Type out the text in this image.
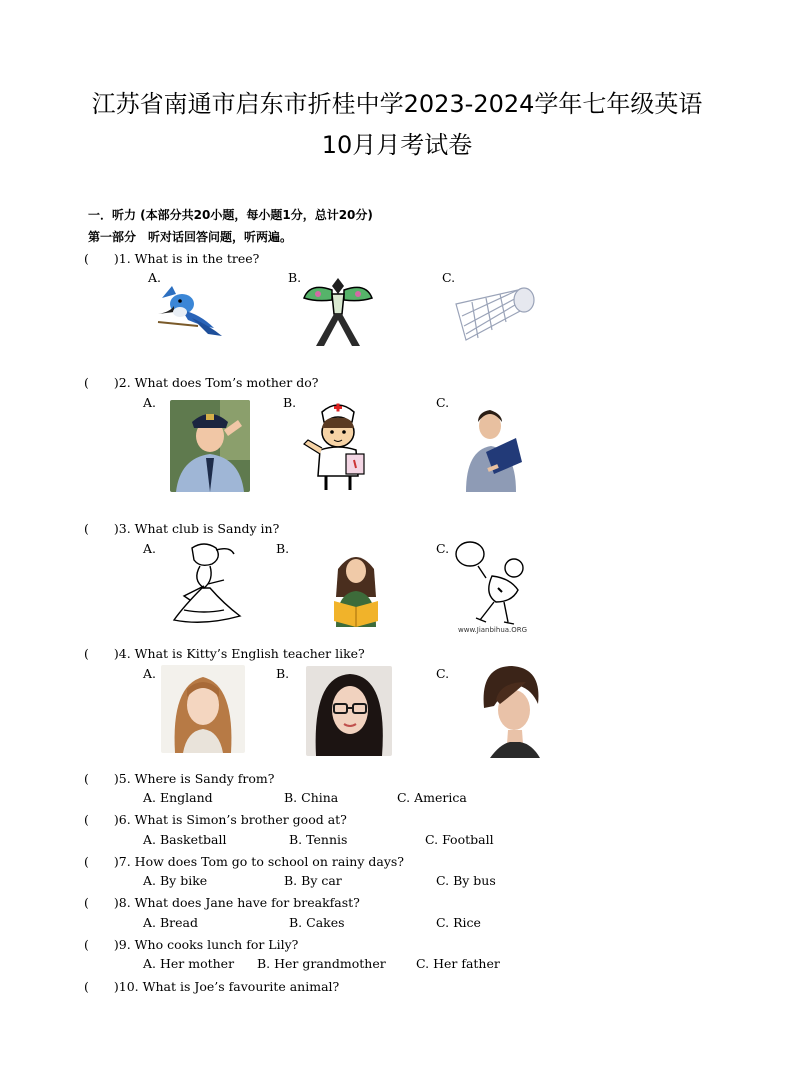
江苏省南通市启东市折桂中学2023-2024学年七年级英语
10月月考试卷
一．听力 (本部分共20小题，每小题1分，总计20分)
第一部分　听对话回答问题，听两遍。
(　　)1. What is in the tree?
A.	B.	C.
(　　)2. What does Tom’s mother do?
A.	B.	C.
(　　)3. What club is Sandy in?
A.	B.	C.
www.Jianbihua.ORG
(　　)4. What is Kitty’s English teacher like?
A.	B.	C.
(　　)5. Where is Sandy from?
A. England	B. China	C. America
(　　)6. What is Simon’s brother good at?
A. Basketball	B. Tennis	C. Football
(　　)7. How does Tom go to school on rainy days?
A. By bike	B. By car	C. By bus
(　　)8. What does Jane have for breakfast?
A. Bread	B. Cakes	C. Rice
(　　)9. Who cooks lunch for Lily?
A. Her mother B. Her grandmother C. Her father
(　　)10. What is Joe’s favourite animal?
